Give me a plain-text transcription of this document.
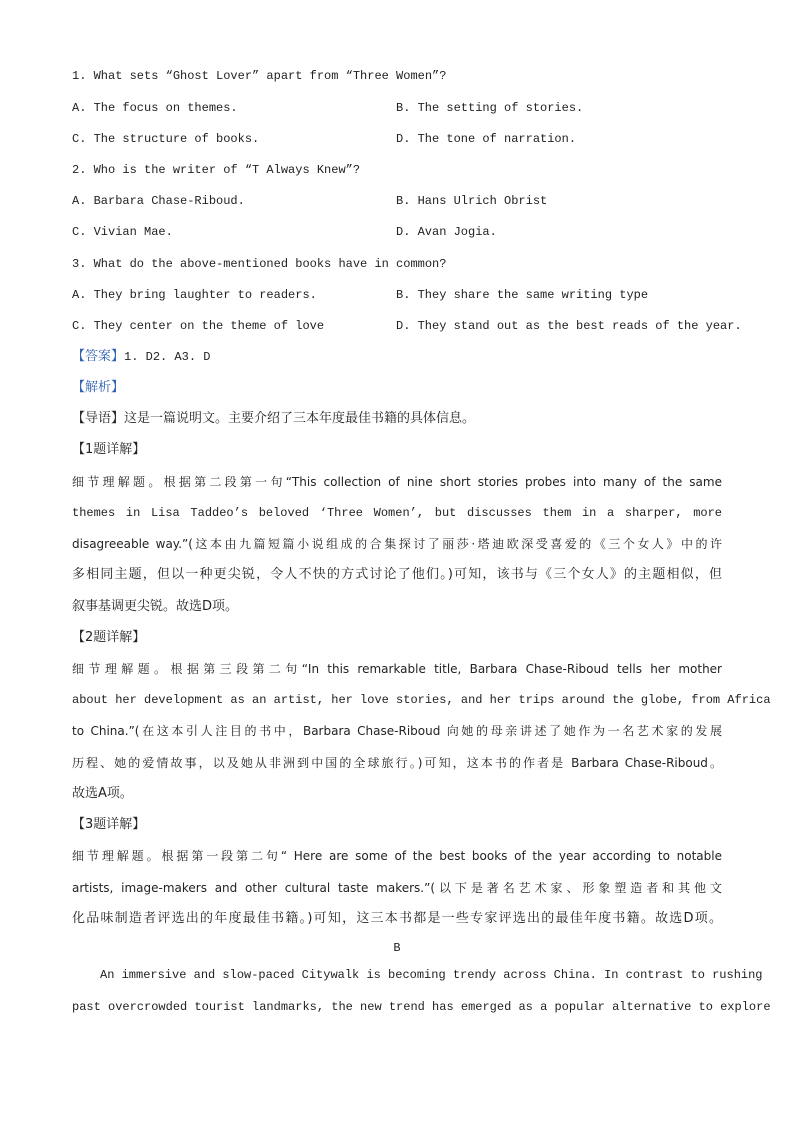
1. What sets “Ghost Lover” apart from “Three Women”?
A. The focus on themes.	B. The setting of stories.
C. The structure of books.	D. The tone of narration.
2. Who is the writer of “T Always Knew”?
A. Barbara Chase-Riboud.	B. Hans Ulrich Obrist
C. Vivian Mae.	D. Avan Jogia.
3. What do the above-mentioned books have in common?
A. They bring laughter to readers.	B. They share the same writing type
C. They center on the theme of love	D. They stand out as the best reads of the year.
【答案】1. D2. A3. D
【解析】
【导语】这是一篇说明文。主要介绍了三本年度最佳书籍的具体信息。
【1题详解】
细节理解题。根据第二段第一句“This collection of nine short stories probes into many of the same
themes in Lisa Taddeo’s beloved ‘Three Women’, but discusses them in a sharper, more
disagreeable way.”(这本由九篇短篇小说组成的合集探讨了丽莎·塔迪欧深受喜爱的《三个女人》中的许
多相同主题，但以一种更尖锐，令人不快的方式讨论了他们。)可知，该书与《三个女人》的主题相似，但
叙事基调更尖锐。故选D项。
【2题详解】
细节理解题。根据第三段第二句“In this remarkable title, Barbara Chase-Riboud tells her mother
about her development as an artist, her love stories, and her trips around the globe, from Africa
to China.”(在这本引人注目的书中，Barbara Chase-Riboud 向她的母亲讲述了她作为一名艺术家的发展
历程、她的爱情故事，以及她从非洲到中国的全球旅行。)可知，这本书的作者是 Barbara Chase-Riboud。
故选A项。
【3题详解】
细节理解题。根据第一段第二句“ Here are some of the best books of the year according to notable
artists, image-makers and other cultural taste makers.”(以下是著名艺术家、形象塑造者和其他文
化品味制造者评选出的年度最佳书籍。)可知，这三本书都是一些专家评选出的最佳年度书籍。故选D项。
B
An immersive and slow-paced Citywalk is becoming trendy across China. In contrast to rushing
past overcrowded tourist landmarks, the new trend has emerged as a popular alternative to explore
